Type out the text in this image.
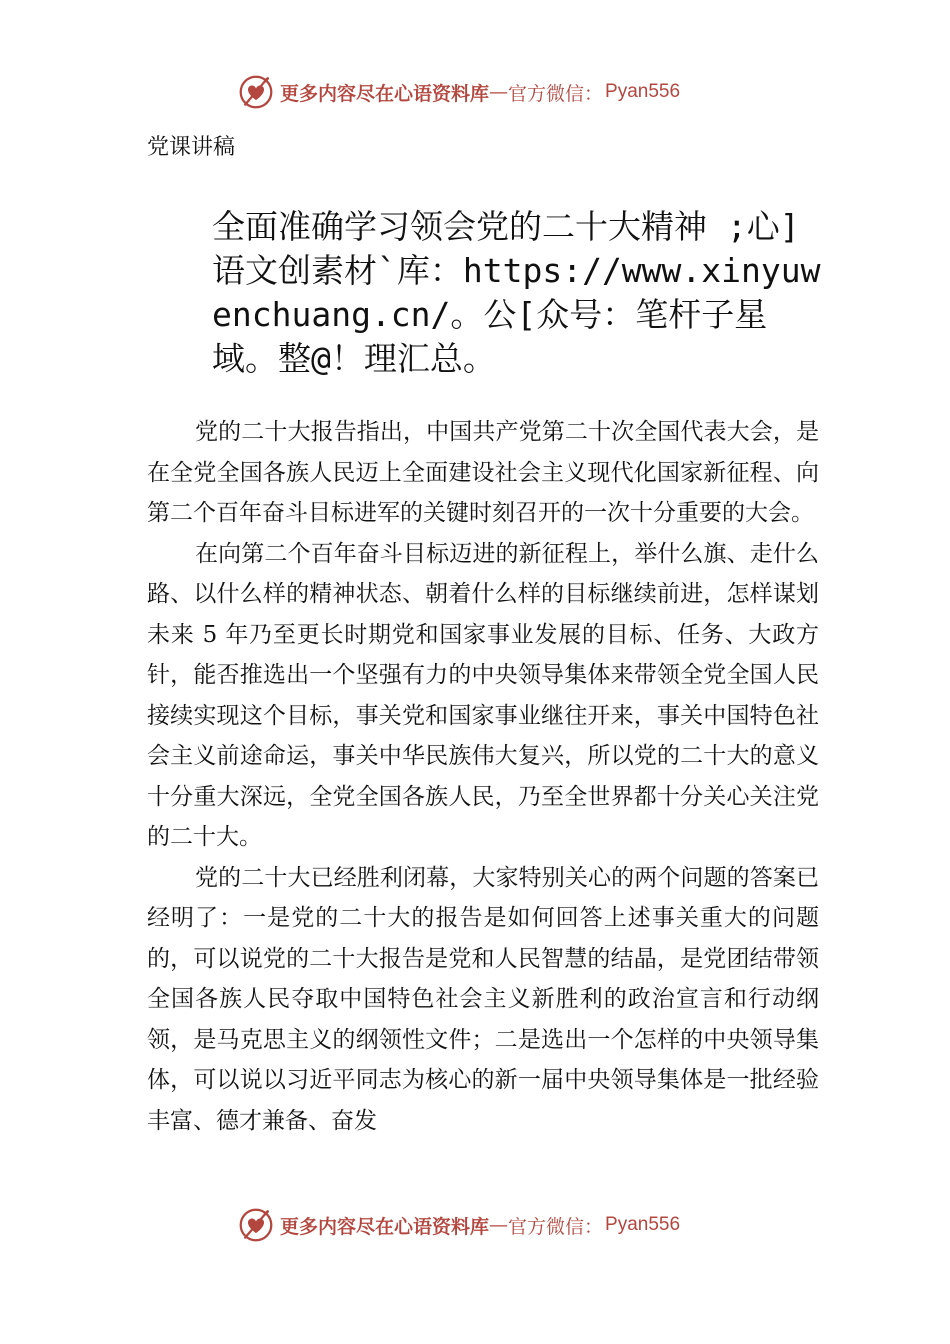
更多内容尽在心语资料库 — 官方微信： Pyan556
党课讲稿
全面准确学习领会党的二十大精神 ;心]语文创素材`库：https://www.xinyuwenchuang.cn/。公[众号：笔杆子星域。整@！理汇总。

党的二十大报告指出，中国共产党第二十次全国代表大会，是在全党全国各族人民迈上全面建设社会主义现代化国家新征程、向第二个百年奋斗目标进军的关键时刻召开的一次十分重要的大会。

在向第二个百年奋斗目标迈进的新征程上，举什么旗、走什么路、以什么样的精神状态、朝着什么样的目标继续前进，怎样谋划未来 5 年乃至更长时期党和国家事业发展的目标、任务、大政方针，能否推选出一个坚强有力的中央领导集体来带领全党全国人民接续实现这个目标，事关党和国家事业继往开来，事关中国特色社会主义前途命运，事关中华民族伟大复兴，所以党的二十大的意义十分重大深远，全党全国各族人民，乃至全世界都十分关心关注党的二十大。

党的二十大已经胜利闭幕，大家特别关心的两个问题的答案已经明了：一是党的二十大的报告是如何回答上述事关重大的问题的，可以说党的二十大报告是党和人民智慧的结晶，是党团结带领全国各族人民夺取中国特色社会主义新胜利的政治宣言和行动纲领，是马克思主义的纲领性文件；二是选出一个怎样的中央领导集体，可以说以习近平同志为核心的新一届中央领导集体是一批经验丰富、德才兼备、奋发

更多内容尽在心语资料库 — 官方微信： Pyan556
